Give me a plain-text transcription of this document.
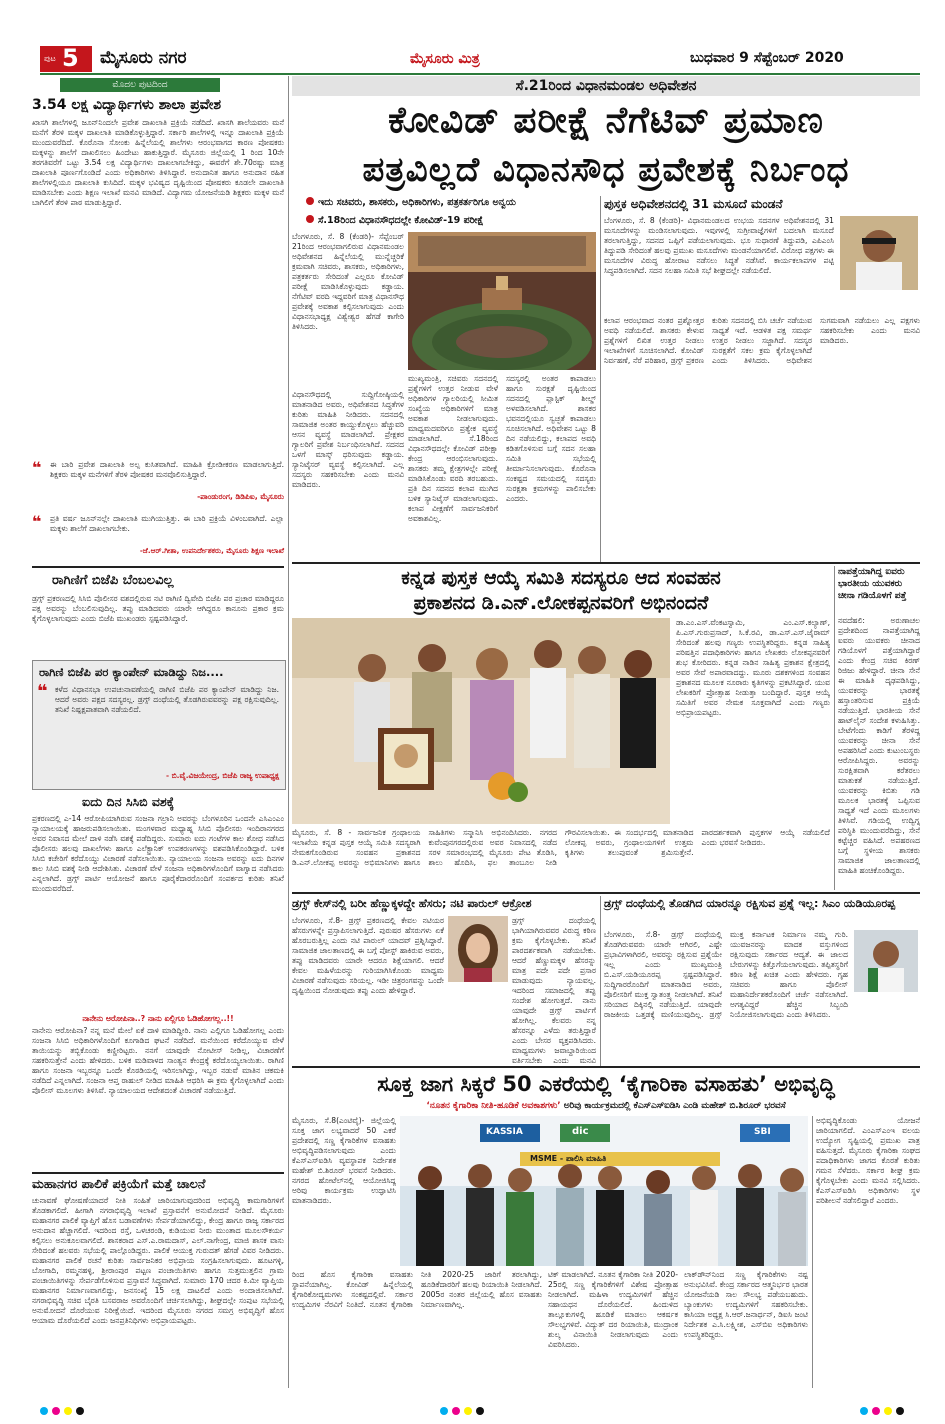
ಪುಟ 5 ಮೈಸೂರು ನಗರ	ಮೈಸೂರು ಮಿತ್ರ	ಬುಧವಾರ 9 ಸೆಪ್ಟೆಂಬರ್ 2020
ಮೊದಲ ಪುಟದಿಂದ
3.54 ಲಕ್ಷ ವಿದ್ಯಾರ್ಥಿಗಳು ಶಾಲಾ ಪ್ರವೇಶ
ಖಾಸಗಿ ಶಾಲೆಗಳಲ್ಲಿ ಜೂನ್‌ನಿಂದಲೇ ಪ್ರವೇಶ ದಾಖಲಾತಿ ಪ್ರಕ್ರಿಯೆ ನಡೆದಿದೆ. ಖಾಸಗಿ ಶಾಲೆಯವರು ಮನೆ ಮನೆಗೆ ತೆರಳಿ ಮಕ್ಕಳ ದಾಖಲಾತಿ ಮಾಡಿಕೊಳ್ಳುತ್ತಿದ್ದಾರೆ. ಸರ್ಕಾರಿ ಶಾಲೆಗಳಲ್ಲಿ ಇನ್ನೂ ದಾಖಲಾತಿ ಪ್ರಕ್ರಿಯೆ ಮುಂದುವರೆದಿದೆ. ಕೊರೊನಾ ಸೋಂಕು ಹಿನ್ನೆಲೆಯಲ್ಲಿ ಶಾಲೆಗಳು ಆರಂಭವಾಗದ ಕಾರಣ ಪೋಷಕರು ಮಕ್ಕಳನ್ನು ಶಾಲೆಗೆ ದಾಖಲಿಸಲು ಹಿಂದೇಟು ಹಾಕುತ್ತಿದ್ದಾರೆ. ಮೈಸೂರು ಜಿಲ್ಲೆಯಲ್ಲಿ 1 ರಿಂದ 10ನೇ ತರಗತಿವರೆಗೆ ಒಟ್ಟು 3.54 ಲಕ್ಷ ವಿದ್ಯಾರ್ಥಿಗಳು ದಾಖಲಾಗಬೇಕಿದ್ದು, ಈವರೆಗೆ ಶೇ.70ರಷ್ಟು ಮಾತ್ರ ದಾಖಲಾತಿ ಪೂರ್ಣಗೊಂಡಿದೆ ಎಂದು ಅಧಿಕಾರಿಗಳು ತಿಳಿಸಿದ್ದಾರೆ. ಅನುದಾನಿತ ಹಾಗೂ ಅನುದಾನ ರಹಿತ ಶಾಲೆಗಳಲ್ಲಿಯೂ ದಾಖಲಾತಿ ಕುಸಿದಿದೆ. ಮಕ್ಕಳ ಭವಿಷ್ಯದ ದೃಷ್ಟಿಯಿಂದ ಪೋಷಕರು ಕೂಡಲೇ ದಾಖಲಾತಿ ಮಾಡಿಸಬೇಕು ಎಂದು ಶಿಕ್ಷಣ ಇಲಾಖೆ ಮನವಿ ಮಾಡಿದೆ. ವಿದ್ಯಾಗಮ ಯೋಜನೆಯಡಿ ಶಿಕ್ಷಕರು ಮಕ್ಕಳ ಮನೆ ಬಾಗಿಲಿಗೆ ತೆರಳಿ ಪಾಠ ಮಾಡುತ್ತಿದ್ದಾರೆ.
❝ ಈ ಬಾರಿ ಪ್ರವೇಶ ದಾಖಲಾತಿ ಅಲ್ಪ ಕುಸಿತವಾಗಿದೆ. ಮಾಹಿತಿ ಕ್ರೋಡೀಕರಣ ಮಾಡಲಾಗುತ್ತಿದೆ. ಶಿಕ್ಷಕರು ಮಕ್ಕಳ ಮನೆಗಳಿಗೆ ತೆರಳಿ ಪೋಷಕರ ಮನವೊಲಿಸುತ್ತಿದ್ದಾರೆ.
-ಪಾಂಡುರಂಗ, ಡಿಡಿಪಿಐ, ಮೈಸೂರು
❝ ಪ್ರತಿ ವರ್ಷ ಜೂನ್‌ನಲ್ಲೇ ದಾಖಲಾತಿ ಮುಗಿಯುತ್ತಿತ್ತು. ಈ ಬಾರಿ ಪ್ರಕ್ರಿಯೆ ವಿಳಂಬವಾಗಿದೆ. ಎಲ್ಲಾ ಮಕ್ಕಳು ಶಾಲೆಗೆ ದಾಖಲಾಗಬೇಕು.
-ಜೆ.ಆರ್.ಗೀತಾ, ಉಪನಿರ್ದೇಶಕರು, ಮೈಸೂರು ಶಿಕ್ಷಣ ಇಲಾಖೆ
ರಾಗಿಣಿಗೆ ಬಿಜೆಪಿ ಬೆಂಬಲವಿಲ್ಲ
ಡ್ರಗ್ಸ್ ಪ್ರಕರಣದಲ್ಲಿ ಸಿಸಿಬಿ ಪೊಲೀಸರ ವಶದಲ್ಲಿರುವ ನಟಿ ರಾಗಿಣಿ ದ್ವಿವೇದಿ ಬಿಜೆಪಿ ಪರ ಪ್ರಚಾರ ಮಾಡಿದ್ದರೂ ಪಕ್ಷ ಅವರನ್ನು ಬೆಂಬಲಿಸುವುದಿಲ್ಲ. ತಪ್ಪು ಮಾಡಿದವರು ಯಾರೇ ಆಗಿದ್ದರೂ ಕಾನೂನು ಪ್ರಕಾರ ಕ್ರಮ ಕೈಗೊಳ್ಳಲಾಗುವುದು ಎಂದು ಬಿಜೆಪಿ ಮುಖಂಡರು ಸ್ಪಷ್ಟಪಡಿಸಿದ್ದಾರೆ.
ರಾಗಿಣಿ ಬಿಜೆಪಿ ಪರ ಕ್ಯಾಂಪೇನ್ ಮಾಡಿದ್ದು ನಿಜ....
❝ ಕಳೆದ ವಿಧಾನಸಭಾ ಉಪಚುನಾವಣೆಯಲ್ಲಿ ರಾಗಿಣಿ ಬಿಜೆಪಿ ಪರ ಕ್ಯಾಂಪೇನ್ ಮಾಡಿದ್ದು ನಿಜ. ಆದರೆ ಅವರು ಪಕ್ಷದ ಸದಸ್ಯರಲ್ಲ. ಡ್ರಗ್ಸ್ ದಂಧೆಯಲ್ಲಿ ತೊಡಗಿರುವವರನ್ನು ಪಕ್ಷ ರಕ್ಷಿಸುವುದಿಲ್ಲ. ತನಿಖೆ ನಿಷ್ಪಕ್ಷಪಾತವಾಗಿ ನಡೆಯಲಿದೆ.
- ಬಿ.ವೈ.ವಿಜಯೇಂದ್ರ, ಬಿಜೆಪಿ ರಾಜ್ಯ ಉಪಾಧ್ಯಕ್ಷ
ಐದು ದಿನ ಸಿಸಿಬಿ ವಶಕ್ಕೆ
ಪ್ರಕರಣದಲ್ಲಿ ಎ-14 ಆರೋಪಿಯಾಗಿರುವ ಸಂಜನಾ ಗಲ್ರಾನಿ ಅವರನ್ನು ಬೆಂಗಳೂರಿನ ಒಂದನೇ ಎಸಿಎಂಎಂ ನ್ಯಾಯಾಲಯಕ್ಕೆ ಹಾಜರುಪಡಿಸಲಾಯಿತು. ಮಂಗಳವಾರ ಮಧ್ಯಾಹ್ನ ಸಿಸಿಬಿ ಪೊಲೀಸರು ಇಂದಿರಾನಗರದ ಅವರ ನಿವಾಸದ ಮೇಲೆ ದಾಳಿ ನಡೆಸಿ ವಶಕ್ಕೆ ಪಡೆದಿದ್ದರು. ಸುಮಾರು ಐದು ಗಂಟೆಗಳ ಕಾಲ ಶೋಧ ನಡೆಸಿದ ಪೊಲೀಸರು ಹಲವು ದಾಖಲೆಗಳು ಹಾಗೂ ಎಲೆಕ್ಟ್ರಾನಿಕ್ ಉಪಕರಣಗಳನ್ನು ವಶಪಡಿಸಿಕೊಂಡಿದ್ದಾರೆ. ಬಳಿಕ ಸಿಸಿಬಿ ಕಚೇರಿಗೆ ಕರೆದೊಯ್ದು ವಿಚಾರಣೆ ನಡೆಸಲಾಯಿತು. ನ್ಯಾಯಾಲಯ ಸಂಜನಾ ಅವರನ್ನು ಐದು ದಿನಗಳ ಕಾಲ ಸಿಸಿಬಿ ವಶಕ್ಕೆ ನೀಡಿ ಆದೇಶಿಸಿತು. ವಿಚಾರಣೆ ವೇಳೆ ಸಂಜನಾ ಅಧಿಕಾರಿಗಳೊಂದಿಗೆ ವಾಗ್ವಾದ ನಡೆಸಿದರು ಎನ್ನಲಾಗಿದೆ. ಡ್ರಗ್ಸ್ ಪಾರ್ಟಿ ಆಯೋಜನೆ ಹಾಗೂ ಪೂರೈಕೆದಾರರೊಂದಿಗೆ ಸಂಪರ್ಕದ ಕುರಿತು ತನಿಖೆ ಮುಂದುವರೆದಿದೆ.
ನಾನೇನು ಅರೋಪಿನಾ..? ನಾನು ಏಲ್ಲಿಗೂ ಓಡಿಹೋಗಲ್ಲ..!!
ನಾನೇನು ಆರೋಪಿನಾ? ನನ್ನ ಮನೆ ಮೇಲೆ ಏಕೆ ದಾಳಿ ಮಾಡಿದ್ದೀರಿ. ನಾನು ಎಲ್ಲಿಗೂ ಓಡಿಹೋಗಲ್ಲ ಎಂದು ಸಂಜನಾ ಸಿಸಿಬಿ ಅಧಿಕಾರಿಗಳೊಂದಿಗೆ ಕೂಗಾಡಿದ ಘಟನೆ ನಡೆದಿದೆ. ಮನೆಯಿಂದ ಕರೆದೊಯ್ಯುವ ವೇಳೆ ತಾಯಿಯನ್ನು ತಬ್ಬಿಕೊಂಡು ಕಣ್ಣೀರಿಟ್ಟರು. ನನಗೆ ಯಾವುದೇ ನೋಟೀಸ್ ನೀಡಿಲ್ಲ, ವಿಚಾರಣೆಗೆ ಸಹಕರಿಸುತ್ತೇನೆ ಎಂದು ಹೇಳಿದರು. ಬಳಿಕ ಮಡಿವಾಳದ ಸಾಂತ್ವನ ಕೇಂದ್ರಕ್ಕೆ ಕರೆದೊಯ್ಯಲಾಯಿತು. ರಾಗಿಣಿ ಹಾಗೂ ಸಂಜನಾ ಇಬ್ಬರನ್ನೂ ಒಂದೇ ಕೊಠಡಿಯಲ್ಲಿ ಇರಿಸಲಾಗಿದ್ದು, ಇಬ್ಬರ ನಡುವೆ ಮಾತಿನ ಚಕಮಕಿ ನಡೆದಿದೆ ಎನ್ನಲಾಗಿದೆ. ಸಂಜನಾ ಆಪ್ತ ರಾಹುಲ್ ನೀಡಿದ ಮಾಹಿತಿ ಆಧರಿಸಿ ಈ ಕ್ರಮ ಕೈಗೊಳ್ಳಲಾಗಿದೆ ಎಂದು ಪೊಲೀಸ್ ಮೂಲಗಳು ತಿಳಿಸಿವೆ. ನ್ಯಾಯಾಲಯದ ಆದೇಶದಂತೆ ವಿಚಾರಣೆ ನಡೆಯುತ್ತಿದೆ.
ಮಹಾನಗರ ಪಾಲಿಕೆ ಪಕ್ರಿಯೆಗೆ ಮತ್ತೆ ಚಾಲನೆ
ಚುನಾವಣೆ ಘೋಷಣೆಯಾದರೆ ನೀತಿ ಸಂಹಿತೆ ಜಾರಿಯಾಗುವುದರಿಂದ ಅಭಿವೃದ್ಧಿ ಕಾಮಗಾರಿಗಳಿಗೆ ತೊಡಕಾಗಲಿದೆ. ಹೀಗಾಗಿ ನಗರಾಭಿವೃದ್ಧಿ ಇಲಾಖೆ ಪ್ರಸ್ತಾವನೆಗೆ ಅನುಮೋದನೆ ನೀಡಿದೆ. ಮೈಸೂರು ಮಹಾನಗರ ಪಾಲಿಕೆ ವ್ಯಾಪ್ತಿಗೆ ಹೊಸ ಬಡಾವಣೆಗಳು ಸೇರ್ಪಡೆಯಾಗಲಿದ್ದು, ಕೇಂದ್ರ ಹಾಗೂ ರಾಜ್ಯ ಸರ್ಕಾರದ ಅನುದಾನ ಹೆಚ್ಚಾಗಲಿದೆ. ಇದರಿಂದ ರಸ್ತೆ, ಒಳಚರಂಡಿ, ಕುಡಿಯುವ ನೀರು ಮುಂತಾದ ಮೂಲಸೌಕರ್ಯ ಕಲ್ಪಿಸಲು ಅನುಕೂಲವಾಗಲಿದೆ. ಶಾಸಕರಾದ ಎಸ್.ಎ.ರಾಮದಾಸ್, ಎಲ್.ನಾಗೇಂದ್ರ, ಮಾಜಿ ಶಾಸಕ ವಾಸು ಸೇರಿದಂತೆ ಹಲವರು ಸಭೆಯಲ್ಲಿ ಪಾಲ್ಗೊಂಡಿದ್ದರು. ಪಾಲಿಕೆ ಆಯುಕ್ತ ಗುರುದತ್ ಹೆಗಡೆ ವಿವರ ನೀಡಿದರು. ಮಹಾನಗರ ಪಾಲಿಕೆ ರಚನೆ ಕುರಿತು ಸಾರ್ವಜನಿಕರ ಅಭಿಪ್ರಾಯ ಸಂಗ್ರಹಿಸಲಾಗುವುದು. ಹೂಟಗಳ್ಳಿ, ಬೋಗಾದಿ, ರಮ್ಮನಹಳ್ಳಿ, ಶ್ರೀರಾಂಪುರ ಪಟ್ಟಣ ಪಂಚಾಯಿತಿಗಳು ಹಾಗೂ ಸುತ್ತಮುತ್ತಲಿನ ಗ್ರಾಮ ಪಂಚಾಯಿತಿಗಳನ್ನು ಸೇರ್ಪಡೆಗೊಳಿಸುವ ಪ್ರಸ್ತಾವನೆ ಸಿದ್ಧವಾಗಿದೆ. ಸುಮಾರು 170 ಚದರ ಕಿ.ಮೀ ವ್ಯಾಪ್ತಿಯ ಮಹಾನಗರ ನಿರ್ಮಾಣವಾಗಲಿದ್ದು, ಜನಸಂಖ್ಯೆ 15 ಲಕ್ಷ ದಾಟಲಿದೆ ಎಂದು ಅಂದಾಜಿಸಲಾಗಿದೆ. ನಗರಾಭಿವೃದ್ಧಿ ಸಚಿವ ಬೈರತಿ ಬಸವರಾಜ ಅವರೊಂದಿಗೆ ಚರ್ಚಿಸಲಾಗಿದ್ದು, ಶೀಘ್ರದಲ್ಲೇ ಸಂಪುಟ ಸಭೆಯಲ್ಲಿ ಅನುಮೋದನೆ ದೊರೆಯುವ ನಿರೀಕ್ಷೆಯಿದೆ. ಇದರಿಂದ ಮೈಸೂರು ನಗರದ ಸಮಗ್ರ ಅಭಿವೃದ್ಧಿಗೆ ಹೊಸ ಆಯಾಮ ದೊರೆಯಲಿದೆ ಎಂದು ಜನಪ್ರತಿನಿಧಿಗಳು ಅಭಿಪ್ರಾಯಪಟ್ಟರು.
ಸೆ.21ರಿಂದ ವಿಧಾನಮಂಡಲ ಅಧಿವೇಶನ
ಕೋವಿಡ್ ಪರೀಕ್ಷೆ ನೆಗೆಟಿವ್ ಪ್ರಮಾಣ
ಪತ್ರವಿಲ್ಲದೆ ವಿಧಾನಸೌಧ ಪ್ರವೇಶಕ್ಕೆ ನಿರ್ಬಂಧ
ಇದು ಸಚಿವರು, ಶಾಸಕರು, ಅಧಿಕಾರಿಗಳು, ಪತ್ರಕರ್ತರಿಗೂ ಅನ್ವಯ
ಸೆ.18ರಿಂದ ವಿಧಾನಸೌಧದಲ್ಲೇ ಕೋವಿಡ್-19 ಪರೀಕ್ಷೆ
ಬೆಂಗಳೂರು, ಸೆ. 8 (ಕೆಂಡರಿ)- ಸೆಪ್ಟೆಂಬರ್ 21ರಿಂದ ಆರಂಭವಾಗಲಿರುವ ವಿಧಾನಮಂಡಲ ಅಧಿವೇಶನದ ಹಿನ್ನೆಲೆಯಲ್ಲಿ ಮುನ್ನೆಚ್ಚರಿಕೆ ಕ್ರಮವಾಗಿ ಸಚಿವರು, ಶಾಸಕರು, ಅಧಿಕಾರಿಗಳು, ಪತ್ರಕರ್ತರು ಸೇರಿದಂತೆ ಎಲ್ಲರೂ ಕೋವಿಡ್ ಪರೀಕ್ಷೆ ಮಾಡಿಸಿಕೊಳ್ಳುವುದು ಕಡ್ಡಾಯ. ನೆಗೆಟಿವ್ ವರದಿ ಇದ್ದವರಿಗೆ ಮಾತ್ರ ವಿಧಾನಸೌಧ ಪ್ರವೇಶಕ್ಕೆ ಅವಕಾಶ ಕಲ್ಪಿಸಲಾಗುವುದು ಎಂದು ವಿಧಾನಸಭಾಧ್ಯಕ್ಷ ವಿಶ್ವೇಶ್ವರ ಹೆಗಡೆ ಕಾಗೇರಿ ತಿಳಿಸಿದರು.
ವಿಧಾನಸೌಧದಲ್ಲಿ ಸುದ್ದಿಗೋಷ್ಠಿಯಲ್ಲಿ ಮಾತನಾಡಿದ ಅವರು, ಅಧಿವೇಶನದ ಸಿದ್ಧತೆಗಳ ಕುರಿತು ಮಾಹಿತಿ ನೀಡಿದರು. ಸದನದಲ್ಲಿ ಸಾಮಾಜಿಕ ಅಂತರ ಕಾಯ್ದುಕೊಳ್ಳಲು ಹೆಚ್ಚುವರಿ ಆಸನ ವ್ಯವಸ್ಥೆ ಮಾಡಲಾಗಿದೆ. ಪ್ರೇಕ್ಷಕರ ಗ್ಯಾಲರಿಗೆ ಪ್ರವೇಶ ನಿರ್ಬಂಧಿಸಲಾಗಿದೆ. ಸದನದ ಒಳಗೆ ಮಾಸ್ಕ್ ಧರಿಸುವುದು ಕಡ್ಡಾಯ. ಸ್ಯಾನಿಟೈಸರ್ ವ್ಯವಸ್ಥೆ ಕಲ್ಪಿಸಲಾಗಿದೆ. ಎಲ್ಲ ಸದಸ್ಯರು ಸಹಕರಿಸಬೇಕು ಎಂದು ಮನವಿ ಮಾಡಿದರು.
ಮುಖ್ಯಮಂತ್ರಿ, ಸಚಿವರು ಸದನದಲ್ಲಿ ಪ್ರಶ್ನೆಗಳಿಗೆ ಉತ್ತರ ನೀಡುವ ವೇಳೆ ಅಧಿಕಾರಿಗಳ ಗ್ಯಾಲರಿಯಲ್ಲಿ ಸೀಮಿತ ಸಂಖ್ಯೆಯ ಅಧಿಕಾರಿಗಳಿಗೆ ಮಾತ್ರ ಅವಕಾಶ ನೀಡಲಾಗುವುದು. ಮಾಧ್ಯಮದವರಿಗೂ ಪ್ರತ್ಯೇಕ ವ್ಯವಸ್ಥೆ ಮಾಡಲಾಗಿದೆ. ಸೆ.18ರಿಂದ ವಿಧಾನಸೌಧದಲ್ಲೇ ಕೋವಿಡ್ ಪರೀಕ್ಷಾ ಕೇಂದ್ರ ಆರಂಭಿಸಲಾಗುವುದು. ಶಾಸಕರು ತಮ್ಮ ಕ್ಷೇತ್ರಗಳಲ್ಲೇ ಪರೀಕ್ಷೆ ಮಾಡಿಸಿಕೊಂಡು ವರದಿ ತರಬಹುದು. ಪ್ರತಿ ದಿನ ಸದನದ ಕಲಾಪ ಮುಗಿದ ಬಳಿಕ ಸ್ಯಾನಿಟೈಸ್ ಮಾಡಲಾಗುವುದು. ಕಲಾಪ ವೀಕ್ಷಣೆಗೆ ಸಾರ್ವಜನಿಕರಿಗೆ ಅವಕಾಶವಿಲ್ಲ.
ಸದಸ್ಯರಲ್ಲಿ ಅಂತರ ಕಾಪಾಡಲು ಹಾಗೂ ಸುರಕ್ಷತೆ ದೃಷ್ಟಿಯಿಂದ ಸದನದಲ್ಲಿ ಪ್ಲಾಸ್ಟಿಕ್ ಶೀಲ್ಡ್ ಅಳವಡಿಸಲಾಗಿದೆ. ಶಾಸಕರ ಭವನದಲ್ಲಿಯೂ ಸ್ವಚ್ಛತೆ ಕಾಪಾಡಲು ಸೂಚಿಸಲಾಗಿದೆ. ಅಧಿವೇಶನ ಒಟ್ಟು 8 ದಿನ ನಡೆಯಲಿದ್ದು, ಕಲಾಪದ ಅವಧಿ ಕಡಿತಗೊಳಿಸುವ ಬಗ್ಗೆ ಸದನ ಸಲಹಾ ಸಮಿತಿ ಸಭೆಯಲ್ಲಿ ತೀರ್ಮಾನಿಸಲಾಗುವುದು. ಕೊರೊನಾ ಸಂಕಷ್ಟದ ಸಮಯದಲ್ಲಿ ಸದಸ್ಯರು ಸುರಕ್ಷತಾ ಕ್ರಮಗಳನ್ನು ಪಾಲಿಸಬೇಕು ಎಂದರು.
ಪುಸ್ತಕ ಅಧಿವೇಶನದಲ್ಲಿ 31 ಮಸೂದೆ ಮಂಡನೆ
ಬೆಂಗಳೂರು, ಸೆ. 8 (ಕೆಂಡರಿ)- ವಿಧಾನಮಂಡಲದ ಉಭಯ ಸದನಗಳ ಅಧಿವೇಶನದಲ್ಲಿ 31 ಮಸೂದೆಗಳನ್ನು ಮಂಡಿಸಲಾಗುವುದು. ಇವುಗಳಲ್ಲಿ ಸುಗ್ರೀವಾಜ್ಞೆಗಳಿಗೆ ಬದಲಾಗಿ ಮಸೂದೆ ತರಲಾಗುತ್ತಿದ್ದು, ಸದನದ ಒಪ್ಪಿಗೆ ಪಡೆಯಲಾಗುವುದು. ಭೂ ಸುಧಾರಣೆ ತಿದ್ದುಪಡಿ, ಎಪಿಎಂಸಿ ತಿದ್ದುಪಡಿ ಸೇರಿದಂತೆ ಹಲವು ಪ್ರಮುಖ ಮಸೂದೆಗಳು ಮಂಡನೆಯಾಗಲಿವೆ. ವಿರೋಧ ಪಕ್ಷಗಳು ಈ ಮಸೂದೆಗಳ ವಿರುದ್ಧ ಹೋರಾಟ ನಡೆಸಲು ಸಿದ್ಧತೆ ನಡೆಸಿವೆ. ಕಾರ್ಯಕಲಾಪಗಳ ಪಟ್ಟಿ ಸಿದ್ಧಪಡಿಸಲಾಗಿದೆ. ಸದನ ಸಲಹಾ ಸಮಿತಿ ಸಭೆ ಶೀಘ್ರದಲ್ಲೇ ನಡೆಯಲಿದೆ.
ಕಲಾಪ ಆರಂಭವಾದ ನಂತರ ಪ್ರಶ್ನೋತ್ತರ ಅವಧಿ ನಡೆಯಲಿದೆ. ಶಾಸಕರು ಕೇಳುವ ಪ್ರಶ್ನೆಗಳಿಗೆ ಲಿಖಿತ ಉತ್ತರ ನೀಡಲು ಇಲಾಖೆಗಳಿಗೆ ಸೂಚಿಸಲಾಗಿದೆ. ಕೋವಿಡ್ ನಿರ್ವಹಣೆ, ನೆರೆ ಪರಿಹಾರ, ಡ್ರಗ್ಸ್ ಪ್ರಕರಣ ಕುರಿತು ಸದನದಲ್ಲಿ ಬಿಸಿ ಚರ್ಚೆ ನಡೆಯುವ ಸಾಧ್ಯತೆ ಇದೆ. ಆಡಳಿತ ಪಕ್ಷ ಸಮರ್ಥ ಉತ್ತರ ನೀಡಲು ಸಜ್ಜಾಗಿದೆ. ಸದಸ್ಯರ ಸುರಕ್ಷತೆಗೆ ಸಕಲ ಕ್ರಮ ಕೈಗೊಳ್ಳಲಾಗಿದೆ ಎಂದು ತಿಳಿಸಿದರು. ಅಧಿವೇಶನ ಸುಗಮವಾಗಿ ನಡೆಯಲು ಎಲ್ಲ ಪಕ್ಷಗಳು ಸಹಕರಿಸಬೇಕು ಎಂದು ಮನವಿ ಮಾಡಿದರು.
ಕನ್ನಡ ಪುಸ್ತಕ ಆಯ್ಕೆ ಸಮಿತಿ ಸದಸ್ಯರೂ ಆದ ಸಂವಹನ
ಪ್ರಕಾಶನದ ಡಿ.ಎನ್.ಲೋಕಪ್ಪನವರಿಗೆ ಅಭಿನಂದನೆ
ಡಾ.ಎಂ.ಎಸ್.ವೆಂಕಟಸ್ವಾಮಿ, ಎಂ.ಎಸ್.ಕಲ್ಯಾಣ್, ಪಿ.ಎಸ್.ಗುರುಪ್ರಸಾದ್, ಸಿ.ಕೆ.ರವಿ, ಡಾ.ಎಸ್.ಎಸ್.ಜೈರಾಮ್ ಸೇರಿದಂತೆ ಹಲವು ಗಣ್ಯರು ಉಪಸ್ಥಿತರಿದ್ದರು. ಕನ್ನಡ ಸಾಹಿತ್ಯ ಪರಿಷತ್ತಿನ ಪದಾಧಿಕಾರಿಗಳು ಹಾಗೂ ಲೇಖಕರು ಲೋಕಪ್ಪನವರಿಗೆ ಶುಭ ಕೋರಿದರು. ಕನ್ನಡ ನಾಡಿನ ಸಾಹಿತ್ಯ ಪ್ರಕಾಶನ ಕ್ಷೇತ್ರದಲ್ಲಿ ಅವರ ಸೇವೆ ಅಪಾರವಾದದ್ದು. ಮೂರು ದಶಕಗಳಿಂದ ಸಂವಹನ ಪ್ರಕಾಶನದ ಮೂಲಕ ನೂರಾರು ಕೃತಿಗಳನ್ನು ಪ್ರಕಟಿಸಿದ್ದಾರೆ. ಯುವ ಲೇಖಕರಿಗೆ ಪ್ರೋತ್ಸಾಹ ನೀಡುತ್ತಾ ಬಂದಿದ್ದಾರೆ. ಪುಸ್ತಕ ಆಯ್ಕೆ ಸಮಿತಿಗೆ ಅವರ ನೇಮಕ ಸೂಕ್ತವಾಗಿದೆ ಎಂದು ಗಣ್ಯರು ಅಭಿಪ್ರಾಯಪಟ್ಟರು.
ಮೈಸೂರು, ಸೆ. 8 - ಸಾರ್ವಜನಿಕ ಗ್ರಂಥಾಲಯ ಇಲಾಖೆಯ ಕನ್ನಡ ಪುಸ್ತಕ ಆಯ್ಕೆ ಸಮಿತಿ ಸದಸ್ಯರಾಗಿ ನೇಮಕಗೊಂಡಿರುವ ಸಂವಹನ ಪ್ರಕಾಶನದ ಡಿ.ಎನ್.ಲೋಕಪ್ಪ ಅವರನ್ನು ಅಭಿಮಾನಿಗಳು ಹಾಗೂ ಸಾಹಿತಿಗಳು ಸನ್ಮಾನಿಸಿ ಅಭಿನಂದಿಸಿದರು. ನಗರದ ಕುವೆಂಪುನಗರದಲ್ಲಿರುವ ಅವರ ನಿವಾಸದಲ್ಲಿ ನಡೆದ ಸರಳ ಸಮಾರಂಭದಲ್ಲಿ ಮೈಸೂರು ಪೇಟ ತೊಡಿಸಿ, ಶಾಲು ಹೊದಿಸಿ, ಫಲ ತಾಂಬೂಲ ನೀಡಿ ಗೌರವಿಸಲಾಯಿತು. ಈ ಸಂದರ್ಭದಲ್ಲಿ ಮಾತನಾಡಿದ ಲೋಕಪ್ಪ ಅವರು, ಗ್ರಂಥಾಲಯಗಳಿಗೆ ಉತ್ತಮ ಕೃತಿಗಳು ತಲುಪುವಂತೆ ಶ್ರಮಿಸುತ್ತೇನೆ. ಪಾರದರ್ಶಕವಾಗಿ ಪುಸ್ತಕಗಳ ಆಯ್ಕೆ ನಡೆಯಲಿದೆ ಎಂದು ಭರವಸೆ ನೀಡಿದರು.
ನಾಪತ್ತೆಯಾಗಿದ್ದ ಐವರು ಭಾರತೀಯ ಯುವಕರು ಚೀನಾ ಗಡಿಯೊಳಗೆ ಪತ್ತೆ
ನವದೆಹಲಿ: ಅರುಣಾಚಲ ಪ್ರದೇಶದಿಂದ ನಾಪತ್ತೆಯಾಗಿದ್ದ ಐವರು ಯುವಕರು ಚೀನಾದ ಗಡಿಯೊಳಗೆ ಪತ್ತೆಯಾಗಿದ್ದಾರೆ ಎಂದು ಕೇಂದ್ರ ಸಚಿವ ಕಿರಣ್ ರಿಜಿಜು ಹೇಳಿದ್ದಾರೆ. ಚೀನಾ ಸೇನೆ ಈ ಮಾಹಿತಿ ದೃಢಪಡಿಸಿದ್ದು, ಯುವಕರನ್ನು ಭಾರತಕ್ಕೆ ಹಸ್ತಾಂತರಿಸುವ ಪ್ರಕ್ರಿಯೆ ನಡೆಯುತ್ತಿದೆ. ಭಾರತೀಯ ಸೇನೆ ಹಾಟ್‌ಲೈನ್ ಸಂದೇಶ ಕಳುಹಿಸಿತ್ತು. ಬೇಟೆಗೆಂದು ಕಾಡಿಗೆ ತೆರಳಿದ್ದ ಯುವಕರನ್ನು ಚೀನಾ ಸೇನೆ ಅಪಹರಿಸಿದೆ ಎಂದು ಕುಟುಂಬಸ್ಥರು ಆರೋಪಿಸಿದ್ದರು. ಅವರನ್ನು ಸುರಕ್ಷಿತವಾಗಿ ಕರೆತರಲು ಮಾತುಕತೆ ನಡೆಯುತ್ತಿದೆ. ಯುವಕರನ್ನು ಕಿಬಿತು ಗಡಿ ಮೂಲಕ ಭಾರತಕ್ಕೆ ಒಪ್ಪಿಸುವ ಸಾಧ್ಯತೆ ಇದೆ ಎಂದು ಮೂಲಗಳು ತಿಳಿಸಿವೆ. ಗಡಿಯಲ್ಲಿ ಉದ್ವಿಗ್ನ ಪರಿಸ್ಥಿತಿ ಮುಂದುವರೆದಿದ್ದು, ಸೇನೆ ಕಟ್ಟೆಚ್ಚರ ವಹಿಸಿದೆ. ಅಪಹರಣದ ಬಗ್ಗೆ ಸ್ಥಳೀಯ ಶಾಸಕರು ಸಾಮಾಜಿಕ ಜಾಲತಾಣದಲ್ಲಿ ಮಾಹಿತಿ ಹಂಚಿಕೊಂಡಿದ್ದರು.
ಡ್ರಗ್ಸ್ ಕೇಸ್‌ನಲ್ಲಿ ಬರೀ ಹೆಣ್ಣುಕ್ಕಳದ್ದೇ ಹೆಸರು; ನಟಿ ಪಾರುಲ್ ಆಕ್ರೋಶ
ಬೆಂಗಳೂರು, ಸೆ.8- ಡ್ರಗ್ಸ್ ಪ್ರಕರಣದಲ್ಲಿ ಕೇವಲ ನಟಿಯರ ಹೆಸರುಗಳನ್ನೇ ಪ್ರಸ್ತಾಪಿಸಲಾಗುತ್ತಿದೆ. ಪುರುಷರ ಹೆಸರುಗಳು ಏಕೆ ಹೊರಬರುತ್ತಿಲ್ಲ ಎಂದು ನಟಿ ಪಾರುಲ್ ಯಾದವ್ ಪ್ರಶ್ನಿಸಿದ್ದಾರೆ. ಸಾಮಾಜಿಕ ಜಾಲತಾಣದಲ್ಲಿ ಈ ಬಗ್ಗೆ ಪೋಸ್ಟ್ ಹಾಕಿರುವ ಅವರು, ತಪ್ಪು ಮಾಡಿದವರು ಯಾರೇ ಆದರೂ ಶಿಕ್ಷೆಯಾಗಲಿ. ಆದರೆ ಕೇವಲ ಮಹಿಳೆಯರನ್ನು ಗುರಿಯಾಗಿಸಿಕೊಂಡು ಮಾಧ್ಯಮ ವಿಚಾರಣೆ ನಡೆಸುವುದು ಸರಿಯಲ್ಲ. ಇಡೀ ಚಿತ್ರರಂಗವನ್ನು ಒಂದೇ ದೃಷ್ಟಿಯಿಂದ ನೋಡುವುದು ತಪ್ಪು ಎಂದು ಹೇಳಿದ್ದಾರೆ.
ಡ್ರಗ್ಸ್ ದಂಧೆಯಲ್ಲಿ ಭಾಗಿಯಾಗಿರುವವರ ವಿರುದ್ಧ ಕಠಿಣ ಕ್ರಮ ಕೈಗೊಳ್ಳಬೇಕು. ತನಿಖೆ ಪಾರದರ್ಶಕವಾಗಿ ನಡೆಯಬೇಕು. ಆದರೆ ಹೆಣ್ಣುಮಕ್ಕಳ ಹೆಸರನ್ನು ಮಾತ್ರ ಪದೇ ಪದೇ ಪ್ರಸಾರ ಮಾಡುವುದು ನ್ಯಾಯವಲ್ಲ. ಇದರಿಂದ ಸಮಾಜದಲ್ಲಿ ತಪ್ಪು ಸಂದೇಶ ಹೋಗುತ್ತದೆ. ನಾನು ಯಾವುದೇ ಡ್ರಗ್ಸ್ ಪಾರ್ಟಿಗೆ ಹೋಗಿಲ್ಲ. ಕೆಲವರು ನನ್ನ ಹೆಸರನ್ನೂ ಎಳೆದು ತರುತ್ತಿದ್ದಾರೆ ಎಂದು ಬೇಸರ ವ್ಯಕ್ತಪಡಿಸಿದರು. ಮಾಧ್ಯಮಗಳು ಜವಾಬ್ದಾರಿಯಿಂದ ವರ್ತಿಸಬೇಕು ಎಂದು ಮನವಿ
ಡ್ರಗ್ಸ್ ದಂಧೆಯಲ್ಲಿ ತೊಡಗಿದ ಯಾರನ್ನೂ ರಕ್ಷಿಸುವ ಪ್ರಶ್ನೆ ಇಲ್ಲ: ಸಿಎಂ ಯಡಿಯೂರಪ್ಪ
ಬೆಂಗಳೂರು, ಸೆ.8- ಡ್ರಗ್ಸ್ ದಂಧೆಯಲ್ಲಿ ತೊಡಗಿರುವವರು ಯಾರೇ ಆಗಿರಲಿ, ಎಷ್ಟೇ ಪ್ರಭಾವಿಗಳಾಗಿರಲಿ, ಅವರನ್ನು ರಕ್ಷಿಸುವ ಪ್ರಶ್ನೆಯೇ ಇಲ್ಲ ಎಂದು ಮುಖ್ಯಮಂತ್ರಿ ಬಿ.ಎಸ್.ಯಡಿಯೂರಪ್ಪ ಸ್ಪಷ್ಟಪಡಿಸಿದ್ದಾರೆ. ಸುದ್ದಿಗಾರರೊಂದಿಗೆ ಮಾತನಾಡಿದ ಅವರು, ಪೊಲೀಸರಿಗೆ ಮುಕ್ತ ಸ್ವಾತಂತ್ರ್ಯ ನೀಡಲಾಗಿದೆ. ತನಿಖೆ ಸರಿಯಾದ ದಿಕ್ಕಿನಲ್ಲಿ ನಡೆಯುತ್ತಿದೆ. ಯಾವುದೇ ರಾಜಕೀಯ ಒತ್ತಡಕ್ಕೆ ಮಣಿಯುವುದಿಲ್ಲ. ಡ್ರಗ್ಸ್ ಮುಕ್ತ ಕರ್ನಾಟಕ ನಿರ್ಮಾಣ ನಮ್ಮ ಗುರಿ. ಯುವಜನರನ್ನು ಮಾದಕ ವಸ್ತುಗಳಿಂದ ರಕ್ಷಿಸುವುದು ಸರ್ಕಾರದ ಆದ್ಯತೆ. ಈ ಜಾಲದ ಬೇರುಗಳನ್ನು ಕಿತ್ತೊಗೆಯಲಾಗುವುದು. ತಪ್ಪಿತಸ್ಥರಿಗೆ ಕಠಿಣ ಶಿಕ್ಷೆ ಖಚಿತ ಎಂದು ಹೇಳಿದರು. ಗೃಹ ಸಚಿವರು ಹಾಗೂ ಪೊಲೀಸ್ ಮಹಾನಿರ್ದೇಶಕರೊಂದಿಗೆ ಚರ್ಚೆ ನಡೆಸಲಾಗಿದೆ. ಅಗತ್ಯವಿದ್ದರೆ ಹೆಚ್ಚಿನ ಸಿಬ್ಬಂದಿ ನಿಯೋಜಿಸಲಾಗುವುದು ಎಂದು ತಿಳಿಸಿದರು.
ಸೂಕ್ತ ಜಾಗ ಸಿಕ್ಕರೆ 50 ಎಕರೆಯಲ್ಲಿ ‘ಕೈಗಾರಿಕಾ ವಸಾಹತು’ ಅಭಿವೃದ್ಧಿ
‘ನೂತನ ಕೈಗಾರಿಕಾ ನೀತಿ-ಹೂಡಿಕೆ ಅವಕಾಶಗಳು’ ಅರಿವು ಕಾರ್ಯಕ್ರಮದಲ್ಲಿ ಕೆಎಸ್‌ಎಸ್‌ಐಡಿಸಿ ಎಂಡಿ ಮಹೇಶ್ ಬಿ.ಶಿರೂರ್ ಭರವಸೆ
ಮೈಸೂರು, ಸೆ.8(ಎಂಟಿವೈ)- ಜಿಲ್ಲೆಯಲ್ಲಿ ಸೂಕ್ತ ಜಾಗ ಲಭ್ಯವಾದರೆ 50 ಎಕರೆ ಪ್ರದೇಶದಲ್ಲಿ ಸಣ್ಣ ಕೈಗಾರಿಕೆಗಳ ವಸಾಹತು ಅಭಿವೃದ್ಧಿಪಡಿಸಲಾಗುವುದು ಎಂದು ಕೆಎಸ್‌ಎಸ್‌ಐಡಿಸಿ ವ್ಯವಸ್ಥಾಪಕ ನಿರ್ದೇಶಕ ಮಹೇಶ್ ಬಿ.ಶಿರೂರ್ ಭರವಸೆ ನೀಡಿದರು. ನಗರದ ಹೋಟೆಲ್‌ನಲ್ಲಿ ಆಯೋಜಿಸಿದ್ದ ಅರಿವು ಕಾರ್ಯಕ್ರಮ ಉದ್ಘಾಟಿಸಿ ಮಾತನಾಡಿದರು.
KASSIA	dic	SBI
MSME - ಪಾಲಿಸಿ ಮಾಹಿತಿ
ಅಭಿವೃದ್ಧಿಕೊಂಡು ಯೋಜನೆ ಜಾರಿಯಾಗಲಿದೆ. ಎಂಎಸ್‌ಎಂಇ ವಲಯ ಉದ್ಯೋಗ ಸೃಷ್ಟಿಯಲ್ಲಿ ಪ್ರಮುಖ ಪಾತ್ರ ವಹಿಸುತ್ತದೆ. ಮೈಸೂರು ಕೈಗಾರಿಕಾ ಸಂಘದ ಪದಾಧಿಕಾರಿಗಳು ಜಾಗದ ಕೊರತೆ ಕುರಿತು ಗಮನ ಸೆಳೆದರು. ಸರ್ಕಾರ ಶೀಘ್ರ ಕ್ರಮ ಕೈಗೊಳ್ಳಬೇಕು ಎಂದು ಮನವಿ ಸಲ್ಲಿಸಿದರು. ಕೆಎಸ್‌ಎಸ್‌ಐಡಿಸಿ ಅಧಿಕಾರಿಗಳು ಸ್ಥಳ ಪರಿಶೀಲನೆ ನಡೆಸಲಿದ್ದಾರೆ ಎಂದರು.
ರಿಂದ ಹೊಸ ಕೈಗಾರಿಕಾ ವಸಾಹತು ಸ್ಥಾಪನೆಯಾಗಿಲ್ಲ. ಕೋವಿಡ್ ಹಿನ್ನೆಲೆಯಲ್ಲಿ ಕೈಗಾರಿಕೋದ್ಯಮಗಳು ಸಂಕಷ್ಟದಲ್ಲಿವೆ. ಸರ್ಕಾರ ಉದ್ಯಮಿಗಳ ನೆರವಿಗೆ ನಿಂತಿದೆ. ನೂತನ ಕೈಗಾರಿಕಾ ನೀತಿ 2020-25 ಜಾರಿಗೆ ತರಲಾಗಿದ್ದು, ಹೂಡಿಕೆದಾರರಿಗೆ ಹಲವು ರಿಯಾಯಿತಿ ನೀಡಲಾಗಿದೆ. 2005ರ ನಂತರ ಜಿಲ್ಲೆಯಲ್ಲಿ ಹೊಸ ವಸಾಹತು ನಿರ್ಮಾಣವಾಗಿಲ್ಲ.
ಟಿಕ್ ಮಾಡಲಾಗಿದೆ. ನೂತನ ಕೈಗಾರಿಕಾ ನೀತಿ 2020-25ರಲ್ಲಿ ಸಣ್ಣ ಕೈಗಾರಿಕೆಗಳಿಗೆ ವಿಶೇಷ ಪ್ರೋತ್ಸಾಹ ನೀಡಲಾಗಿದೆ. ಮಹಿಳಾ ಉದ್ಯಮಿಗಳಿಗೆ ಹೆಚ್ಚಿನ ಸಹಾಯಧನ ದೊರೆಯಲಿದೆ. ಹಿಂದುಳಿದ ತಾಲ್ಲೂಕುಗಳಲ್ಲಿ ಹೂಡಿಕೆ ಮಾಡಲು ಆಕರ್ಷಕ ಸೌಲಭ್ಯಗಳಿವೆ. ವಿದ್ಯುತ್ ದರ ರಿಯಾಯಿತಿ, ಮುದ್ರಾಂಕ ಶುಲ್ಕ ವಿನಾಯಿತಿ ನೀಡಲಾಗುವುದು ಎಂದು ವಿವರಿಸಿದರು.
ಲಾಕ್‌ಡೌನ್‌ನಿಂದ ಸಣ್ಣ ಕೈಗಾರಿಕೆಗಳು ನಷ್ಟ ಅನುಭವಿಸಿವೆ. ಕೇಂದ್ರ ಸರ್ಕಾರದ ಆತ್ಮನಿರ್ಭರ ಭಾರತ ಯೋಜನೆಯಡಿ ಸಾಲ ಸೌಲಭ್ಯ ಪಡೆಯಬಹುದು. ಬ್ಯಾಂಕುಗಳು ಉದ್ಯಮಿಗಳಿಗೆ ಸಹಕರಿಸಬೇಕು. ಕಾಸಿಯಾ ಅಧ್ಯಕ್ಷ ಸಿ.ಆರ್.ಜನಾರ್ಧನ್, ಡಿಐಸಿ ಜಂಟಿ ನಿರ್ದೇಶಕ ಎ.ಸಿ.ಲಕ್ಷ್ಮೀಶ, ಎಸ್‌ಬಿಐ ಅಧಿಕಾರಿಗಳು ಉಪಸ್ಥಿತರಿದ್ದರು.
